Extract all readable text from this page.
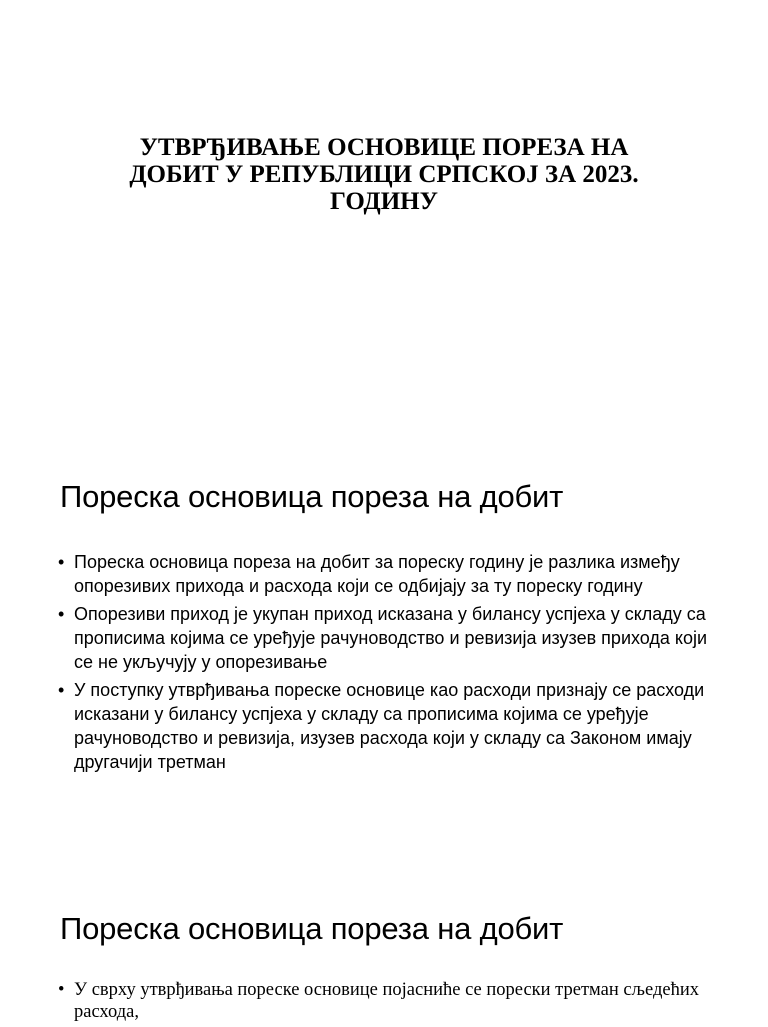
УТВРЂИВАЊЕ ОСНОВИЦЕ ПОРЕЗА НА ДОБИТ У РЕПУБЛИЦИ СРПСКОЈ ЗА 2023. ГОДИНУ
Пореска основица пореза на добит
• Пореска основица пореза на добит за пореску годину је разлика између опорезивих прихода и расхода који се одбијају за ту пореску годину
• Опорезиви приход је укупан приход исказана у билансу успјеха у складу са прописима којима се уређује рачуноводство и ревизија изузев прихода који се не укључују у опорезивање
• У поступку утврђивања пореске основице као расходи признају се расходи исказани у билансу успјеха у складу са прописима којима се уређује рачуноводство и ревизија, изузев расхода који у складу са Законом имају другачији третман
Пореска основица пореза на добит
• У сврху утврђивања пореске основице појасниће се порески третман сљедећих расхода,
